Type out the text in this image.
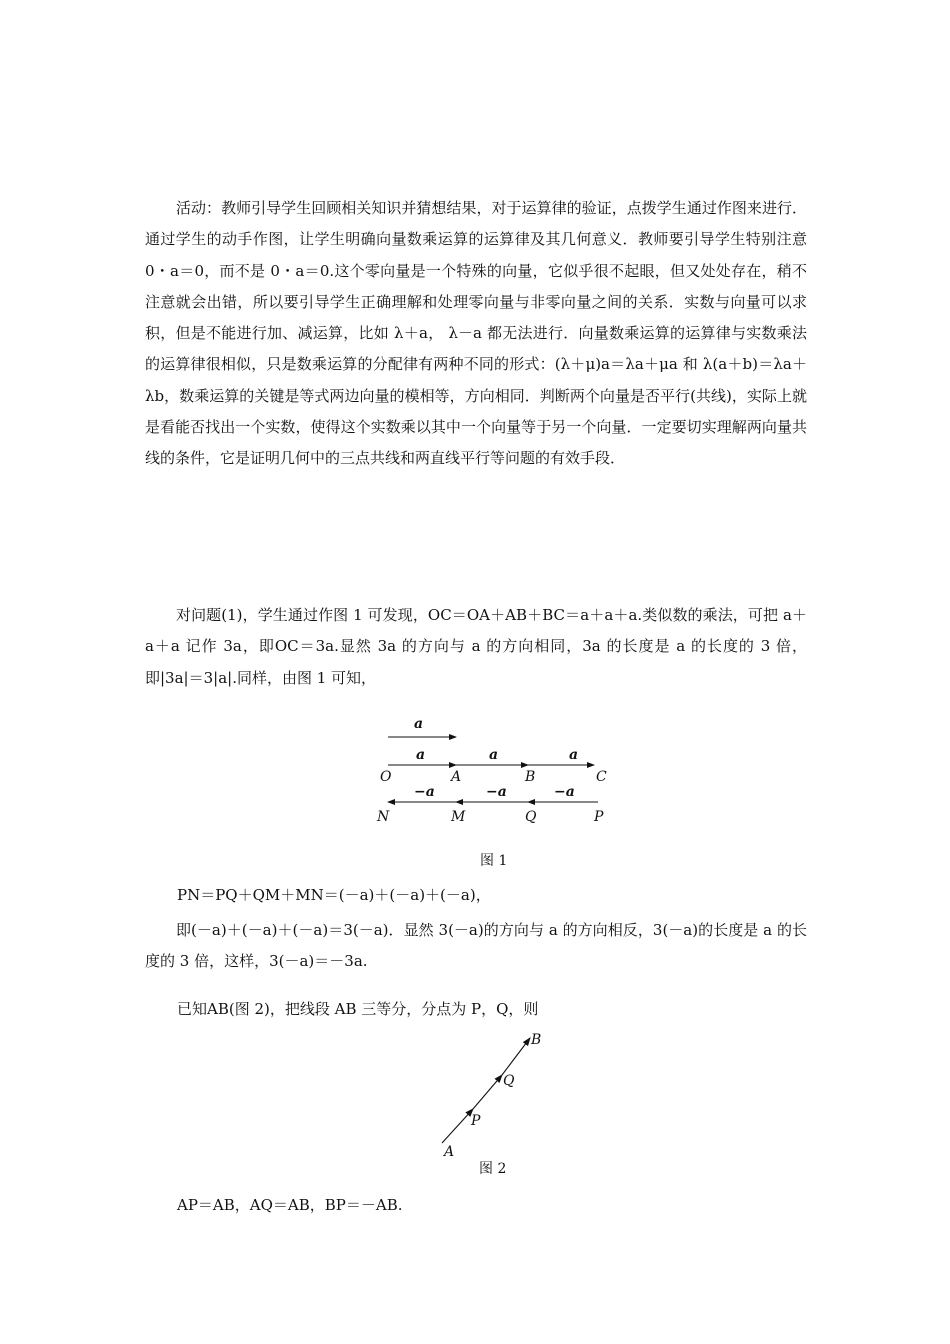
活动：教师引导学生回顾相关知识并猜想结果，对于运算律的验证，点拨学生通过作图来进行．通过学生的动手作图，让学生明确向量数乘运算的运算律及其几何意义．教师要引导学生特别注意 0・a＝0，而不是 0・a＝0.这个零向量是一个特殊的向量，它似乎很不起眼，但又处处存在，稍不注意就会出错，所以要引导学生正确理解和处理零向量与非零向量之间的关系．实数与向量可以求积，但是不能进行加、减运算，比如 λ＋a， λ－a 都无法进行．向量数乘运算的运算律与实数乘法的运算律很相似，只是数乘运算的分配律有两种不同的形式：(λ＋μ)a＝λa＋μa 和 λ(a＋b)＝λa＋λb，数乘运算的关键是等式两边向量的模相等，方向相同．判断两个向量是否平行(共线)，实际上就是看能否找出一个实数，使得这个实数乘以其中一个向量等于另一个向量．一定要切实理解两向量共线的条件，它是证明几何中的三点共线和两直线平行等问题的有效手段．

对问题(1)，学生通过作图 1 可发现，OC＝OA＋AB＋BC＝a＋a＋a.类似数的乘法，可把 a＋a＋a 记作 3a，即OC＝3a.显然 3a 的方向与 a 的方向相同，3a 的长度是 a 的长度的 3 倍，即|3a|＝3|a|.同样，由图 1 可知，

a
a	a	a
O	A	B	C
−a	−a	−a
N	M	Q	P

图 1

PN＝PQ＋QM＋MN＝(－a)＋(－a)＋(－a)，

即(－a)＋(－a)＋(－a)＝3(－a)．显然 3(－a)的方向与 a 的方向相反，3(－a)的长度是 a 的长度的 3 倍，这样，3(－a)＝－3a.

已知AB(图 2)，把线段 AB 三等分，分点为 P，Q，则

A
P
Q
B

图 2

AP＝AB，AQ＝AB，BP＝－AB.
